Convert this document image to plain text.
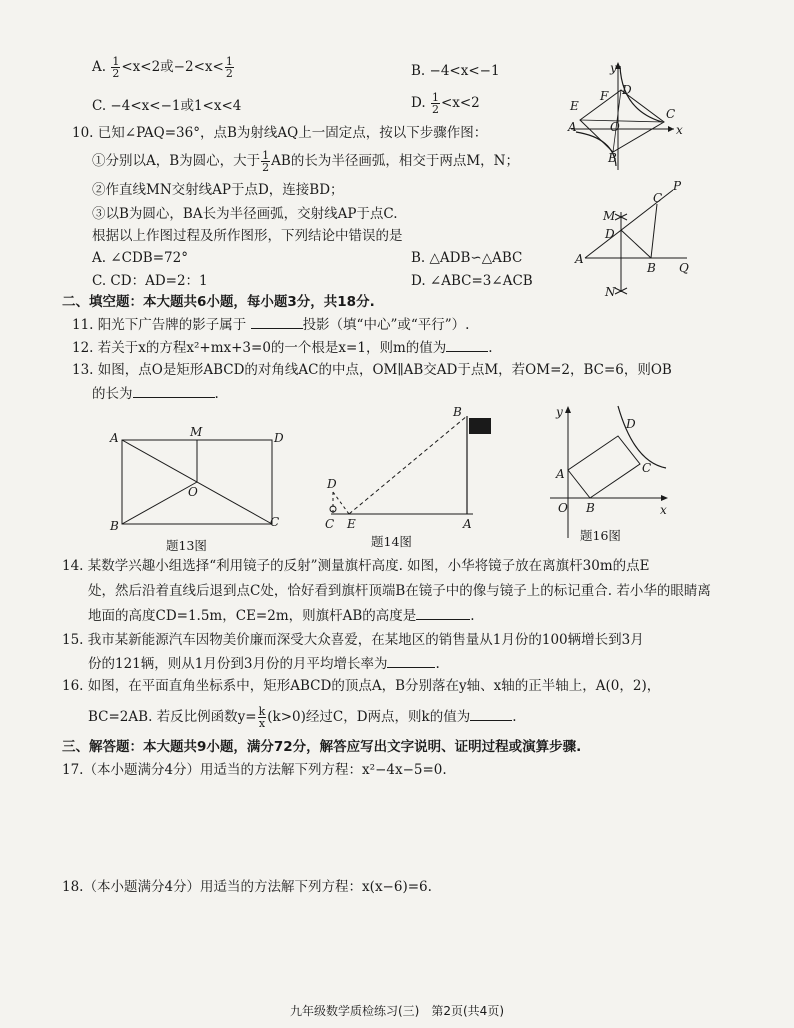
A. $\frac{1}{2} <x<2$或$-2<x< \frac{1}{2}$	B. −4<x<−1
C. −4<x<−1或1<x<4	D. $\frac{1}{2} <x<2$
y
F D
E
A	O
C
x
B
10. 已知∠PAQ=36°，点B为射线AQ上一固定点，按以下步骤作图：
①分别以A，B为圆心，大于 $\frac{1}{2}$ AB的长为半径画弧，相交于两点M，N；
②作直线MN交射线AP于点D，连接BD；
③以B为圆心，BA长为半径画弧，交射线AP于点C.
根据以上作图过程及所作图形，下列结论中错误的是
A. ∠CDB=72°	B. △ADB∽△ABC
C. CD：AD=2：1	D. ∠ABC=3∠ACB
P
M
C
D
A
B Q
N
二、填空题：本大题共6小题，每小题3分，共18分.
11. 阳光下广告牌的影子属于	投影（填“中心”或“平行”）.
12. 若关于x的方程x²+mx+3=0的一个根是x=1，则m的值为	.
13. 如图，点O是矩形ABCD的对角线AC的中点，OM∥AB交AD于点M，若OM=2，BC=6，则OB
的长为	.
A	M	D
O
B	C
题13图
B
D
C E	A
题14图
y
D
A	C
O B	x
题16图
14. 某数学兴趣小组选择“利用镜子的反射”测量旗杆高度. 如图，小华将镜子放在离旗杆30m的点E
处，然后沿着直线后退到点C处，恰好看到旗杆顶端B在镜子中的像与镜子上的标记重合. 若小华的眼睛离
地面的高度CD=1.5m，CE=2m，则旗杆AB的高度是	.
15. 我市某新能源汽车因物美价廉而深受大众喜爱，在某地区的销售量从1月份的100辆增长到3月
份的121辆，则从1月份到3月份的月平均增长率为	.
16. 如图，在平面直角坐标系中，矩形ABCD的顶点A，B分别落在y轴、x轴的正半轴上，A(0，2)，
BC=2AB. 若反比例函数$y= \frac{k}{x} (k>0)$经过C，D两点，则k的值为	.
三、解答题：本大题共9小题，满分72分，解答应写出文字说明、证明过程或演算步骤.
17.（本小题满分4分）用适当的方法解下列方程：x²−4x−5=0.
18.（本小题满分4分）用适当的方法解下列方程：x(x−6)=6.
九年级数学质检练习(三)　第2页(共4页)
